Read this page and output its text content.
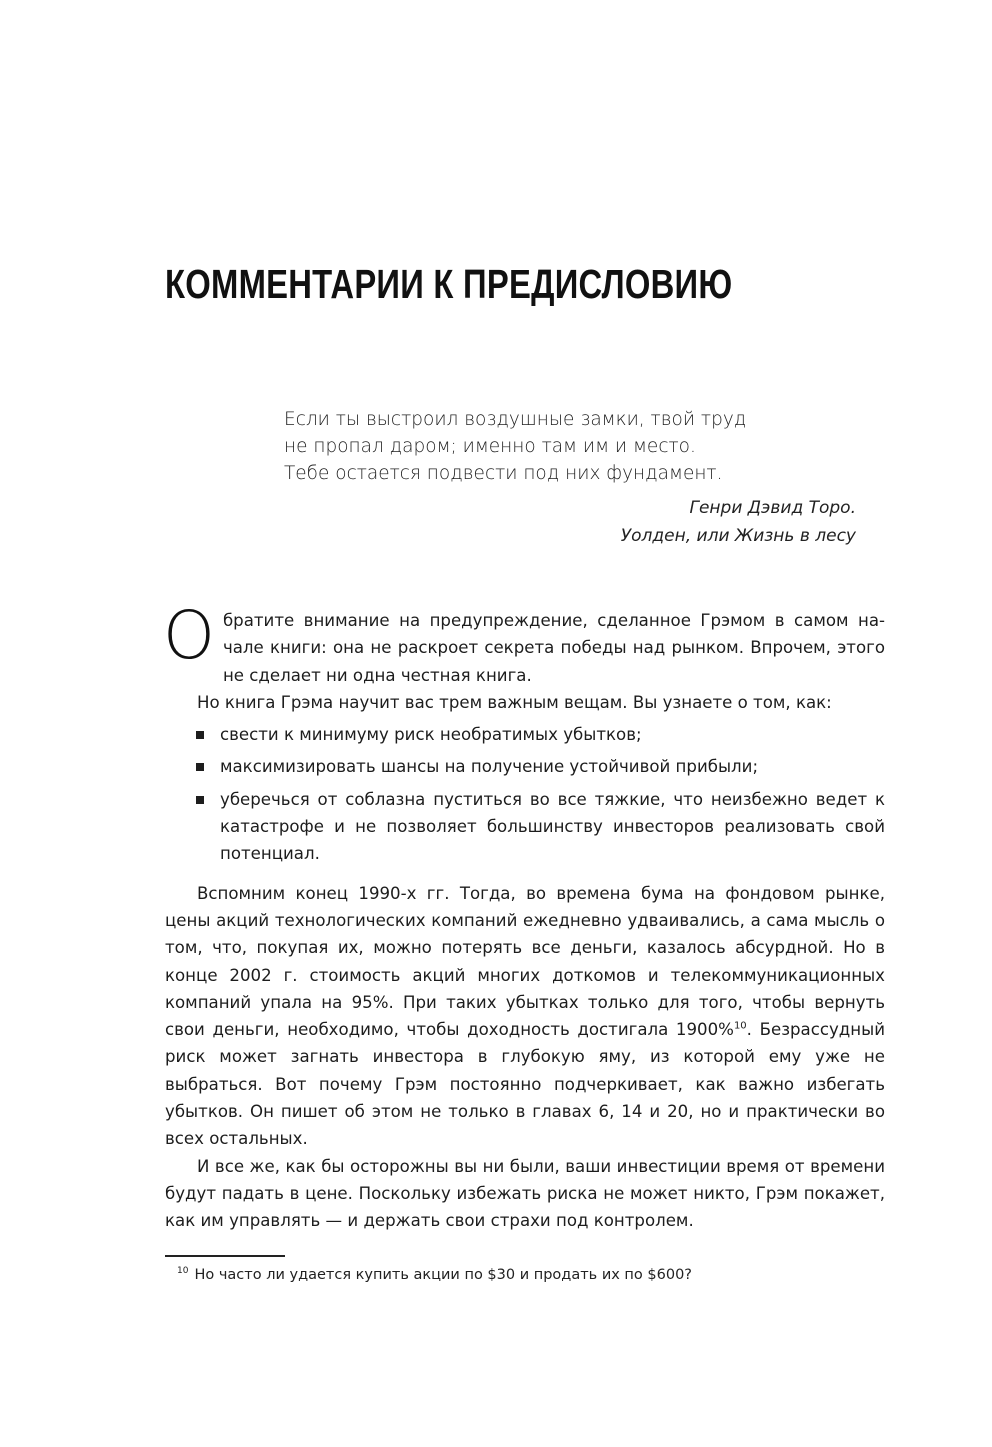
КОММЕНТАРИИ К ПРЕДИСЛОВИЮ
Если ты выстроил воздушные замки, твой труд
не пропал даром; именно там им и место.
Тебе остается подвести под них фундамент.
Генри Дэвид Торо.
Уолден, или Жизнь в лесу

Обратите внимание на предупреждение, сделанное Грэмом в самом начале книги: она не раскроет секрета победы над рынком. Впрочем, этого не сделает ни одна честная книга.

Но книга Грэма научит вас трем важным вещам. Вы узнаете о том, как:

свести к минимуму риск необратимых убытков;
максимизировать шансы на получение устойчивой прибыли;
уберечься от соблазна пуститься во все тяжкие, что неизбежно ведет к катастрофе и не позволяет большинству инвесторов реализовать свой потенциал.

Вспомним конец 1990-х гг. Тогда, во времена бума на фондовом рынке, цены акций технологических компаний ежедневно удваивались, а сама мысль о том, что, покупая их, можно потерять все деньги, казалось абсурдной. Но в конце 2002 г. стоимость акций многих доткомов и телекоммуникационных компаний упала на 95%. При таких убытках только для того, чтобы вернуть свои деньги, необходимо, чтобы доходность достигала 1900%$^{10}$. Безрассудный риск может загнать инвестора в глубокую яму, из которой ему уже не выбраться. Вот почему Грэм постоянно подчеркивает, как важно избегать убытков. Он пишет об этом не только в главах 6, 14 и 20, но и практически во всех остальных.

И все же, как бы осторожны вы ни были, ваши инвестиции время от времени будут падать в цене. Поскольку избежать риска не может никто, Грэм покажет, как им управлять — и держать свои страхи под контролем.

$^{10}$ Но часто ли удается купить акции по $30 и продать их по $600?
